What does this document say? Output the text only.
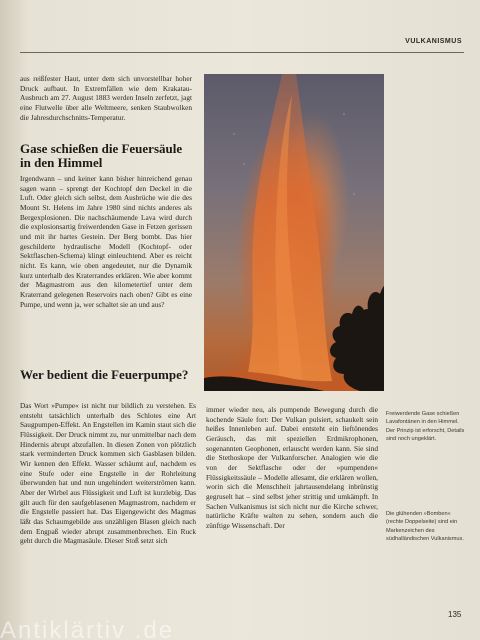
VULKANISMUS

aus reißfester Haut, unter dem sich unvorstellbar hoher Druck aufbaut. In Extremfällen wie dem Krakatau-Ausbruch am 27. August 1883 werden Inseln zerfetzt, jagt eine Flutwelle über alle Weltmeere, senken Staubwolken die Jahresdurchschnitts-Temperatur.

Gase schießen die Feuersäule in den Himmel

Irgendwann – und keiner kann bisher hinreichend genau sagen wann – sprengt der Kochtopf den Deckel in die Luft. Oder gleich sich selbst, dem Ausbrüche wie die des Mount St. Helens im Jahre 1980 sind nichts anderes als Bergexplosionen. Die nachschäumende Lava wird durch die explosionsartig freiwerdenden Gase in Fetzen gerissen und mit ihr hartes Gestein. Der Berg bombt. Das hier geschilderte hydraulische Modell (Kochtopf- oder Sektflaschen-Schema) klingt einleuchtend. Aber es reicht nicht. Es kann, wie oben angedeutet, nur die Dynamik kurz unterhalb des Kraterrandes erklären. Wie aber kommt der Magmastrom aus den kilometertief unter dem Kraterrand gelegenen Reservoirs nach oben? Gibt es eine Pumpe, und wenn ja, wer schaltet sie an und aus?

Wer bedient die Feuerpumpe?

Das Wort »Pumpe« ist nicht nur bildlich zu verstehen. Es entsteht tatsächlich unterhalb des Schlotes eine Art Saugpumpen-Effekt. An Engstellen im Kamin staut sich die Flüssigkeit. Der Druck nimmt zu, nur unmittelbar nach dem Hindernis abrupt abzufallen. In diesen Zonen von plötzlich stark verminderten Druck kommen sich Gasblasen bilden. Wir kennen den Effekt. Wasser schäumt auf, nachdem es eine Stufe oder eine Engstelle in der Rohrleitung überwunden hat und nun ungehindert weiterströmen kann. Aber der Wirbel aus Flüssigkeit und Luft ist kurzlebig. Das gilt auch für den saufgeblasenen Magmastrom, nachdem er die Engstelle passiert hat. Das Eigengewicht des Magmas läßt das Schaumgebilde aus unzähligen Blasen gleich nach dem Engpaß wieder abrupt zusammenbrechen. Ein Ruck geht durch die Magmasäule. Dieser Stoß setzt sich

immer wieder neu, als pumpende Bewegung durch die kochende Säule fort: Der Vulkan pulsiert, schaukelt sein heißes Innenleben auf. Dabei entsteht ein lieftönendes Geräusch, das mit speziellen Erdmikrophonen, sogenannten Geophonen, erlauscht werden kann. Sie sind die Stethoskope der Vulkanforscher. Analogien wie die von der Sektflasche oder der »pumpenden« Flüssigkeitssäule – Modelle allesamt, die erklären wollen, worin sich die Menschheit jahrtausendelang inbrünstig gegruselt hat – sind selbst jeher strittig und umkämpft. In Sachen Vulkanismus ist sich nicht nur die Kirche schwer, natürliche Kräfte walten zu sehen, sondern auch die zünftige Wissenschaft. Der

Freiwerdende Gase schießen Lavafontänen in den Himmel. Der Prinzip ist erforscht, Details sind noch ungeklärt.
Die glühenden »Bomben« (rechte Doppelseite) sind ein Markenzeichen des südhalländischen Vulkanismus.
135
Antiklärtiv .de
